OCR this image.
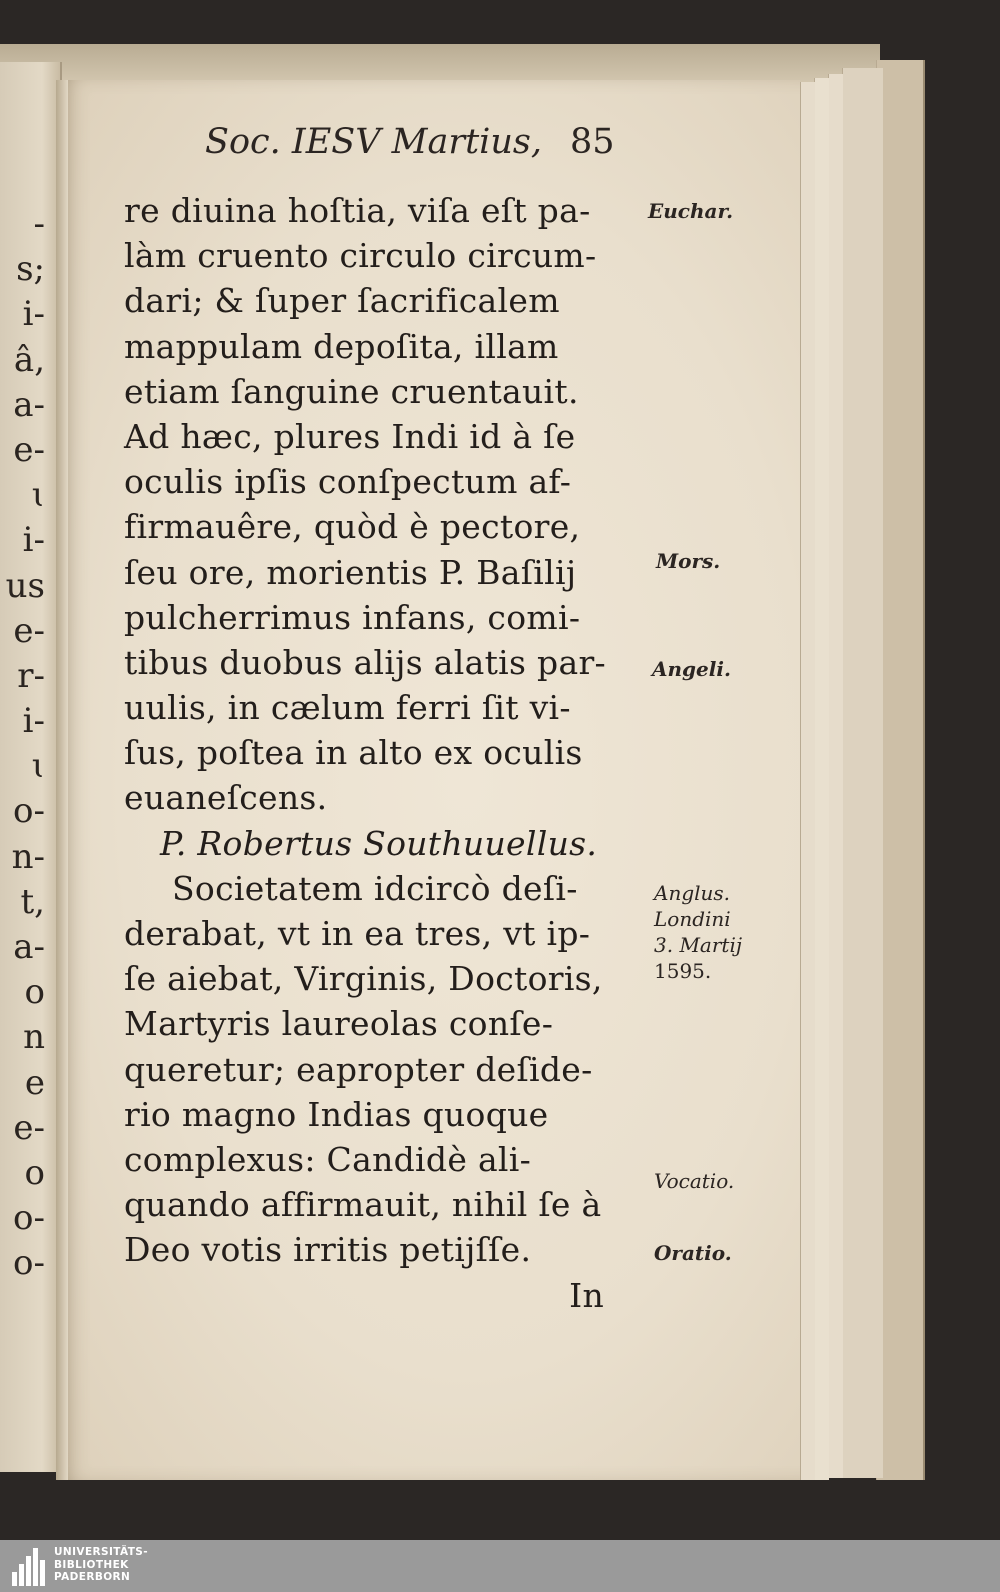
-
s;
i-
â,
a-
e-
ɩ
i-
us
e-
r-
i-
ɩ
o-
n-
t,
a-
o
n
e
e-
o
o-
o-
Soc. IESV Martius, 85
re diuina hoſtia, viſa eſt pa-
làm cruento circulo circum-
dari; & ſuper ſacrificalem
mappulam depoſita, illam
etiam ſanguine cruentauit.
Ad hæc, plures Indi id à ſe
oculis ipſis conſpectum af-
firmauêre, quòd è pectore,
ſeu ore, morientis P. Baſilij
pulcherrimus infans, comi-
tibus duobus alijs alatis par-
uulis, in cælum ferri ſit vi-
ſus, poſtea in alto ex oculis
euaneſcens.
P. Robertus Southuuellus.
Societatem idcircò deſi-
derabat, vt in ea tres, vt ip-
ſe aiebat, Virginis, Doctoris,
Martyris laureolas conſe-
queretur; eapropter deſide-
rio magno Indias quoque
complexus: Candidè ali-
quando affirmauit, nihil ſe à
Deo votis irritis petijſſe.
In
Euchar.
Mors.
Angeli.
Anglus.
Londini
3. Martij
1595.
Vocatio.
Oratio.
UNIVERSITÄTS-
BIBLIOTHEK
PADERBORN
